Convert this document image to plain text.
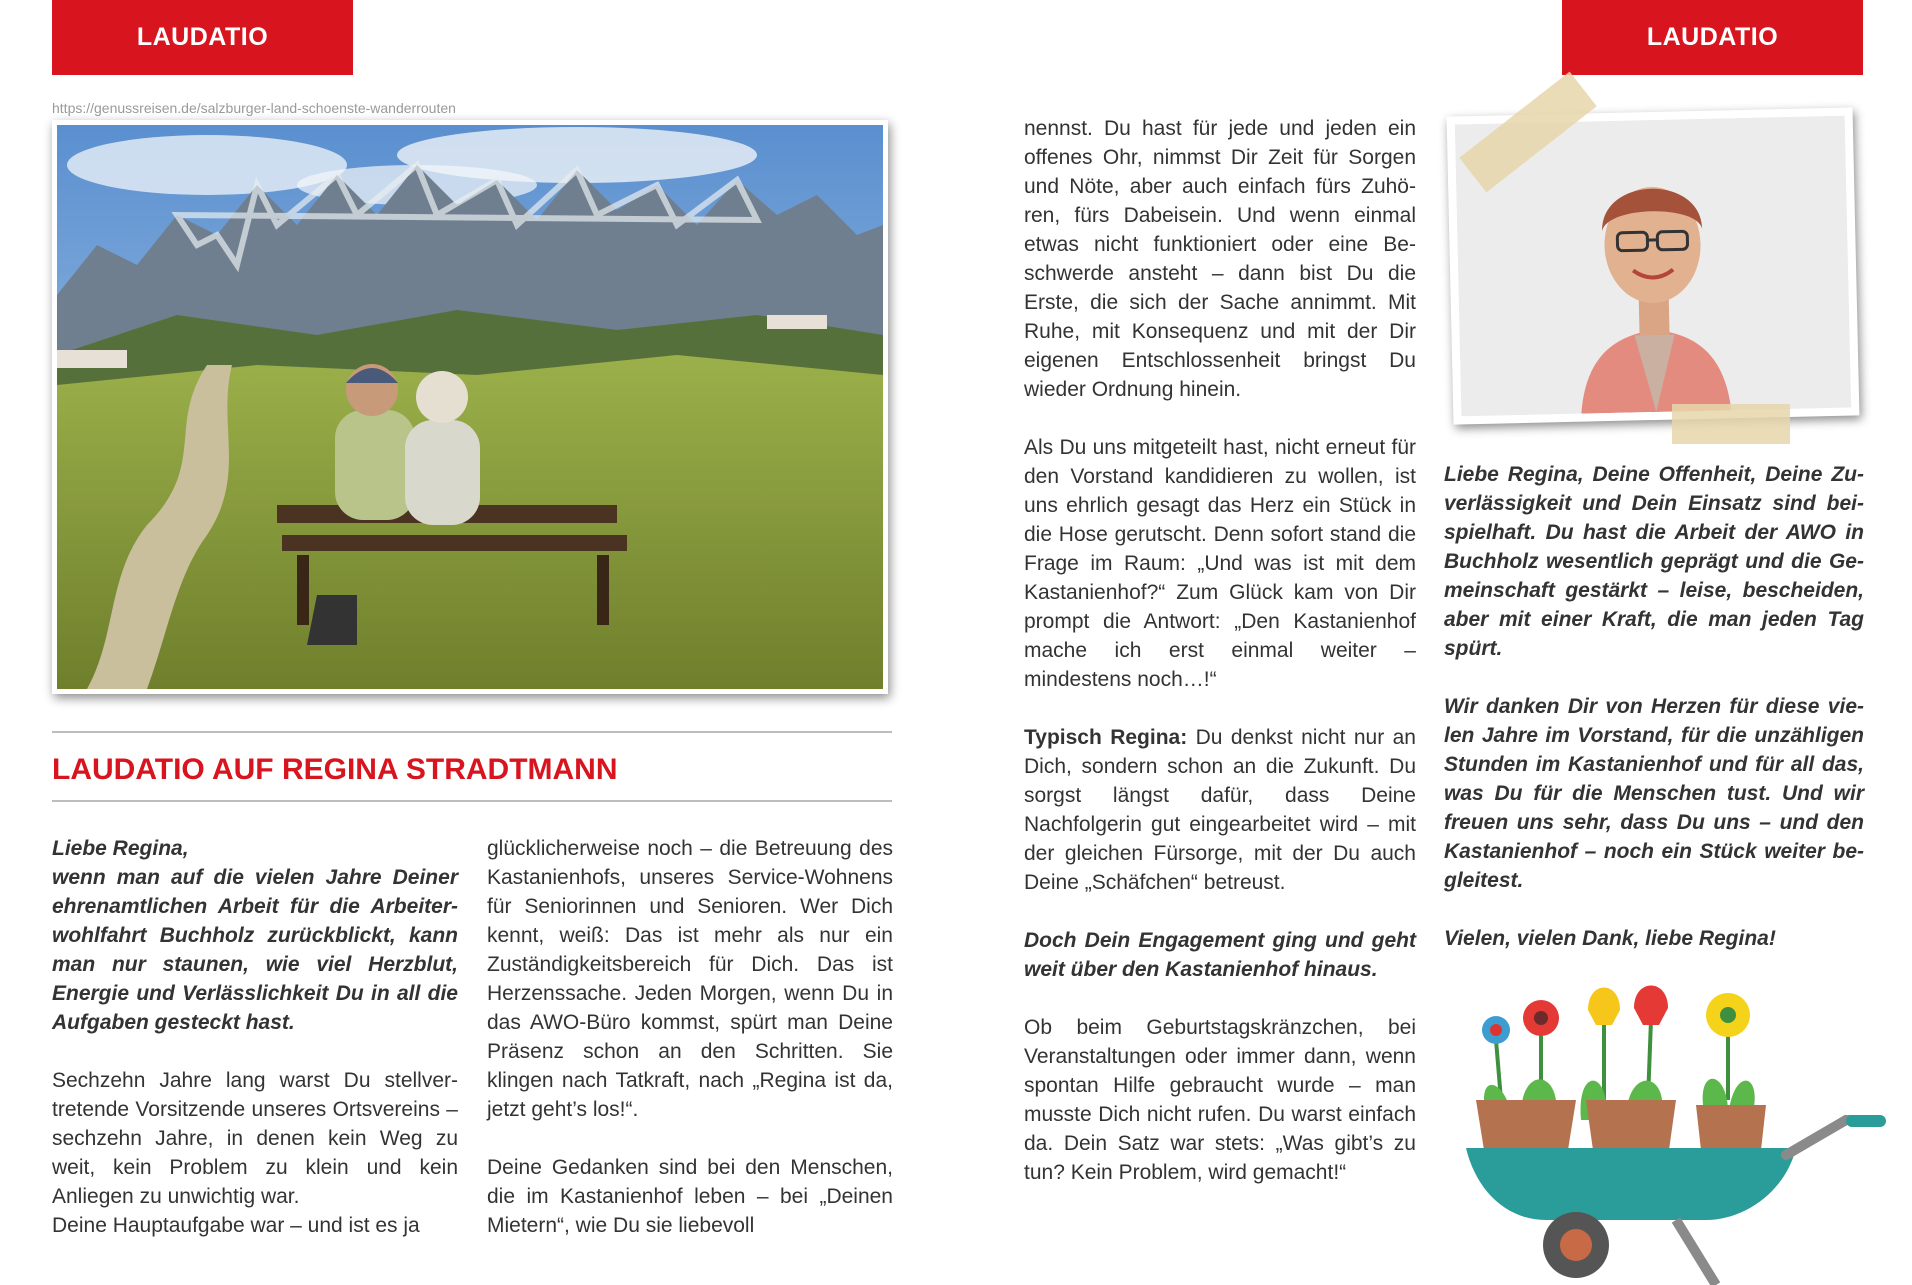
LAUDATIO	LAUDATIO
https://genussreisen.de/salzburger-land-schoenste-wanderrouten
LAUDATIO AUF REGINA STRADTMANN

Liebe Regina,

wenn man auf die vielen Jahre Deiner ehrenamtlichen Arbeit für die Arbeiterwohlfahrt Buchholz zurückblickt, kann man nur staunen, wie viel Herzblut, Energie und Verlässlichkeit Du in all die Aufgaben gesteckt hast.

Sechzehn Jahre lang warst Du stellvertretende Vorsitzende unseres Ortsvereins – sechzehn Jahre, in denen kein Weg zu weit, kein Problem zu klein und kein Anliegen zu unwichtig war.

Deine Hauptaufgabe war – und ist es ja

glücklicherweise noch – die Betreuung des Kastanienhofs, unseres Service-Wohnens für Seniorinnen und Senioren. Wer Dich kennt, weiß: Das ist mehr als nur ein Zuständigkeitsbereich für Dich. Das ist Herzenssache. Jeden Morgen, wenn Du in das AWO-Büro kommst, spürt man Deine Präsenz schon an den Schritten. Sie klingen nach Tatkraft, nach „Regina ist da, jetzt geht’s los!“.

Deine Gedanken sind bei den Menschen, die im Kastanienhof leben – bei „Deinen Mietern“, wie Du sie liebevoll

nennst. Du hast für jede und jeden ein offenes Ohr, nimmst Dir Zeit für Sorgen und Nöte, aber auch einfach fürs Zuhören, fürs Dabeisein. Und wenn einmal etwas nicht funktioniert oder eine Beschwerde ansteht – dann bist Du die Erste, die sich der Sache annimmt. Mit Ruhe, mit Konsequenz und mit der Dir eigenen Entschlossenheit bringst Du wieder Ordnung hinein.

Als Du uns mitgeteilt hast, nicht erneut für den Vorstand kandidieren zu wollen, ist uns ehrlich gesagt das Herz ein Stück in die Hose gerutscht. Denn sofort stand die Frage im Raum: „Und was ist mit dem Kastanienhof?“ Zum Glück kam von Dir prompt die Antwort: „Den Kastanienhof mache ich erst einmal weiter – mindestens noch…!“

Typisch Regina: Du denkst nicht nur an Dich, sondern schon an die Zukunft. Du sorgst längst dafür, dass Deine Nachfolgerin gut eingearbeitet wird – mit der gleichen Fürsorge, mit der Du auch Deine „Schäfchen“ betreust.

Doch Dein Engagement ging und geht weit über den Kastanienhof hinaus.

Ob beim Geburtstagskränzchen, bei Veranstaltungen oder immer dann, wenn spontan Hilfe gebraucht wurde – man musste Dich nicht rufen. Du warst einfach da. Dein Satz war stets: „Was gibt’s zu tun? Kein Problem, wird gemacht!“

Liebe Regina, Deine Offenheit, Deine Zuverlässigkeit und Dein Einsatz sind beispielhaft. Du hast die Arbeit der AWO in Buchholz wesentlich geprägt und die Gemeinschaft gestärkt – leise, bescheiden, aber mit einer Kraft, die man jeden Tag spürt.

Wir danken Dir von Herzen für diese vielen Jahre im Vorstand, für die unzähligen Stunden im Kastanienhof und für all das, was Du für die Menschen tust. Und wir freuen uns sehr, dass Du uns – und den Kastanienhof – noch ein Stück weiter begleitest.

Vielen, vielen Dank, liebe Regina!
